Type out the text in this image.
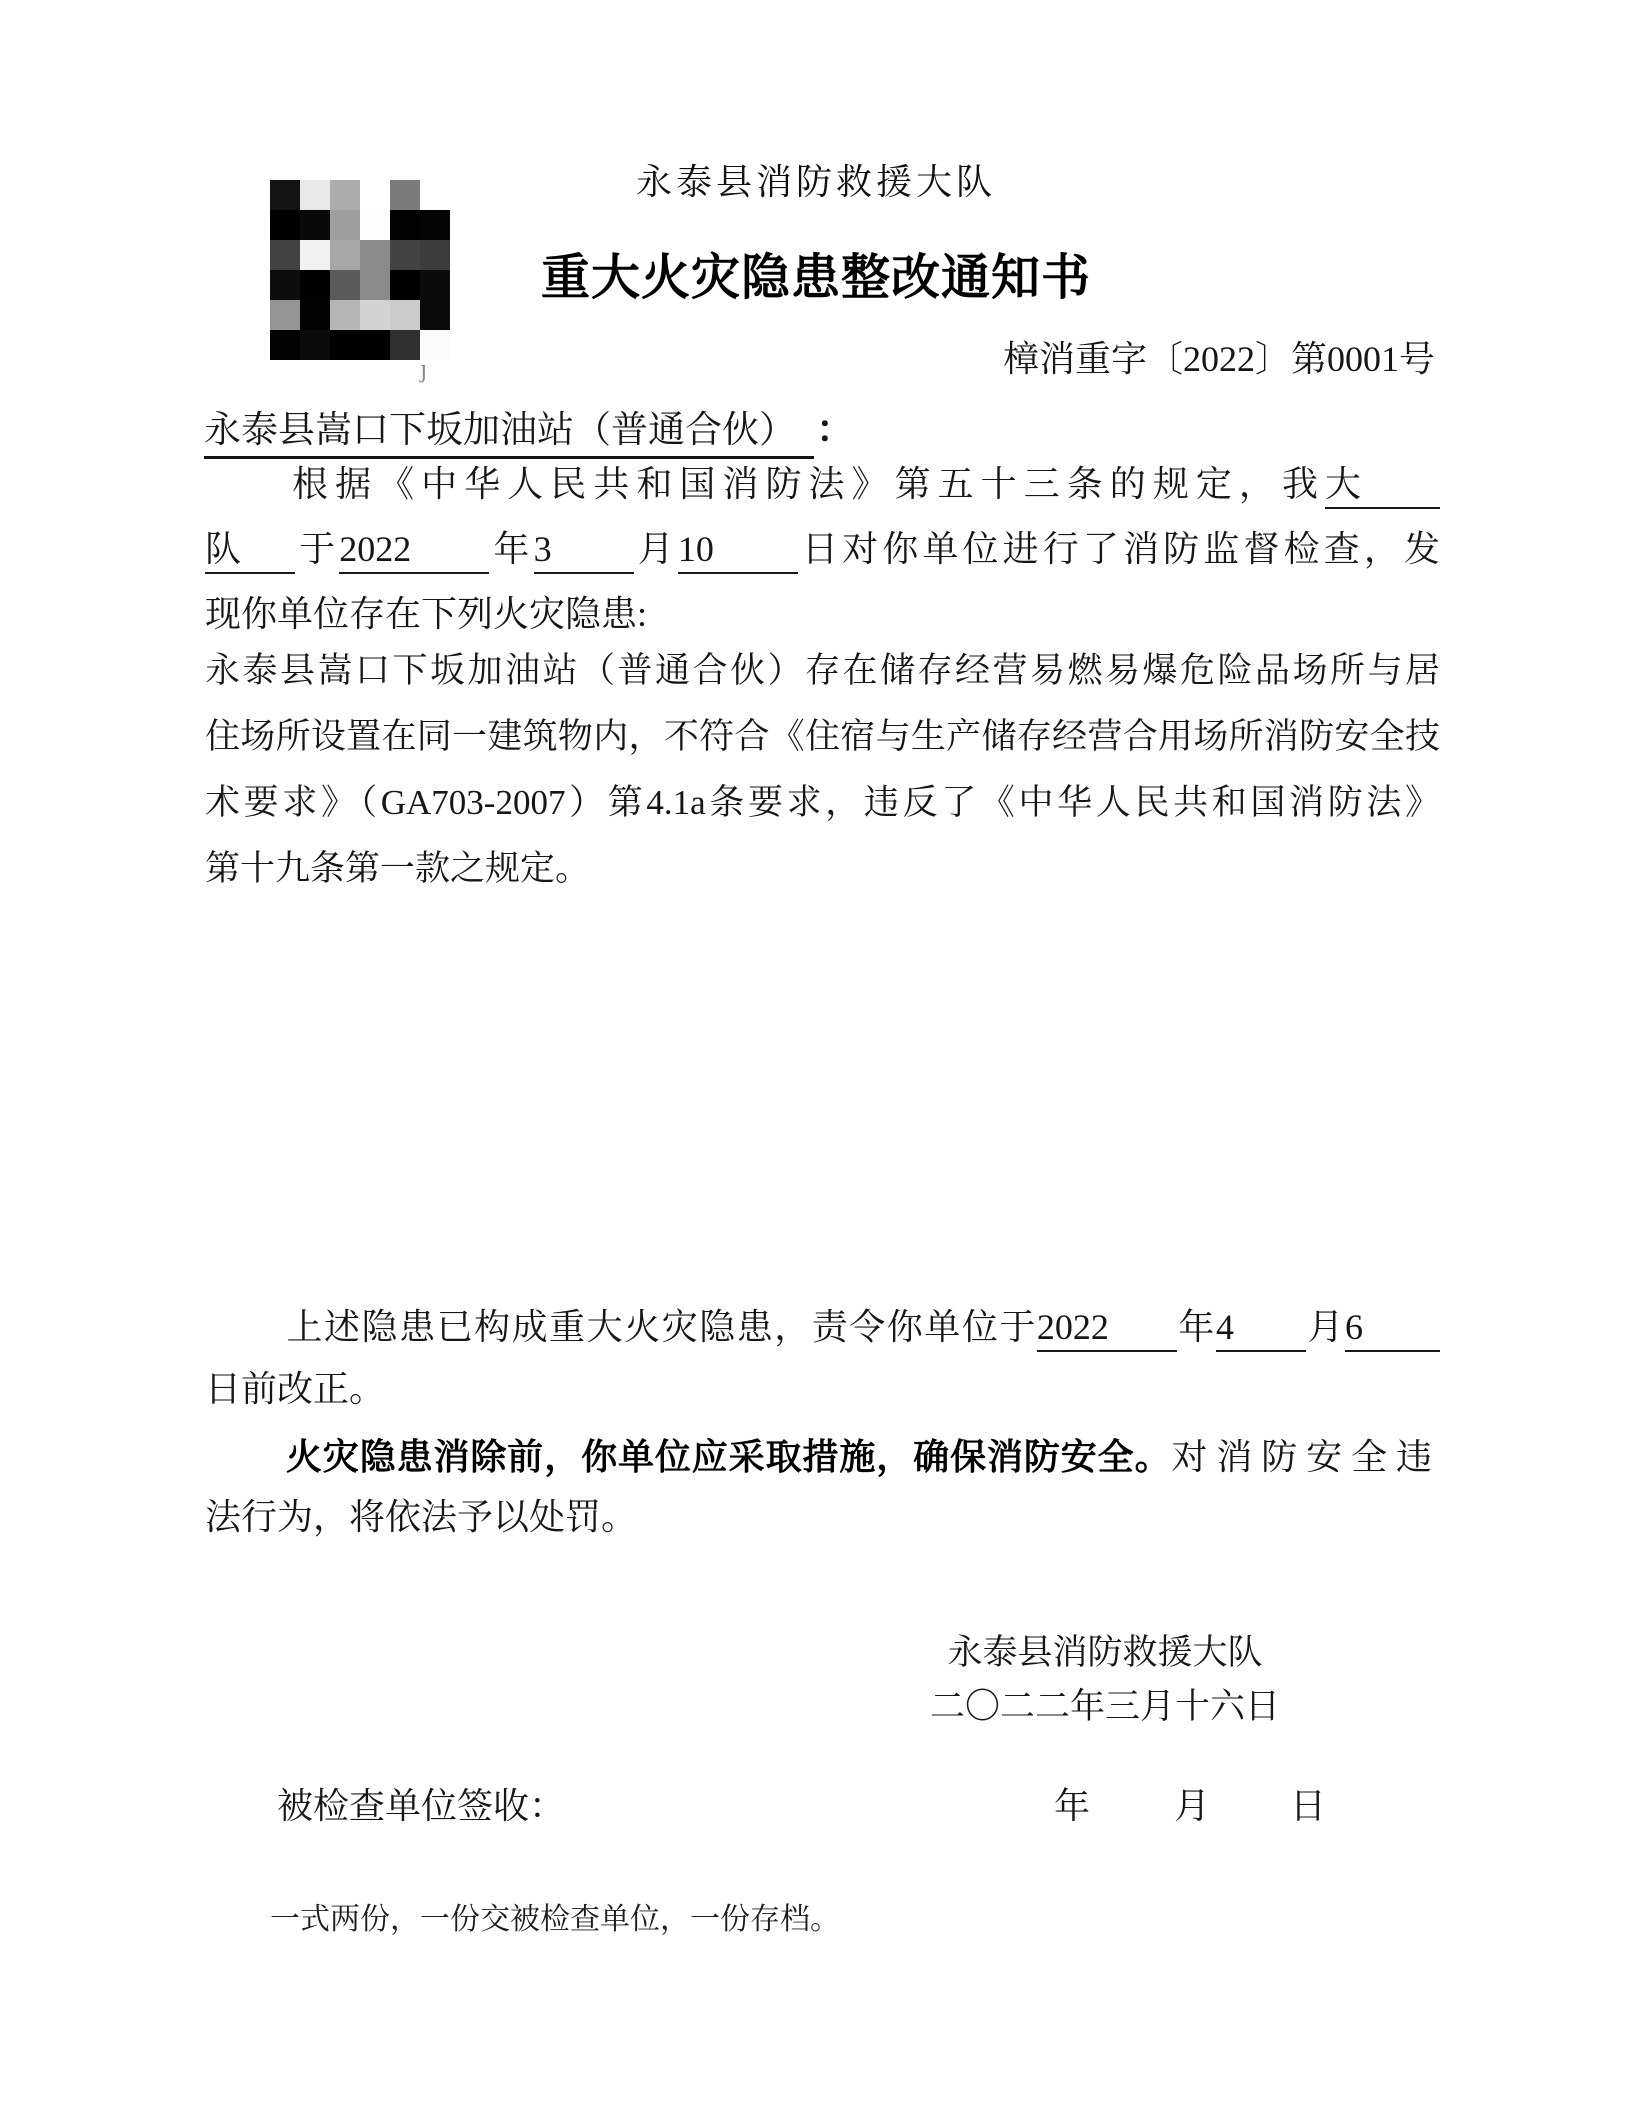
ȷ
永泰县消防救援大队
重大火灾隐患整改通知书
樟消重字〔2022〕第0001号
永泰县嵩口下坂加油站（普通合伙） ：
根据《中华人民共和国消防法》第五十三条的规定，我大
队 于2022 年3 月10 日对你单位进行了消防监督检查，发
现你单位存在下列火灾隐患:
永泰县嵩口下坂加油站（普通合伙）存在储存经营易燃易爆危险品场所与居
住场所设置在同一建筑物内，不符合《住宿与生产储存经营合用场所消防安全技
术要求》（GA703-2007）第4.1a条要求，违反了《中华人民共和国消防法》
第十九条第一款之规定。
上述隐患已构成重大火灾隐患，责令你单位于2022 年4 月6
日前改正。
火灾隐患消除前，你单位应采取措施，确保消防安全。对消防安全违
法行为，将依法予以处罚。
永泰县消防救援大队
二〇二二年三月十六日
被检查单位签收：	年 月 日
一式两份，一份交被检查单位，一份存档。
